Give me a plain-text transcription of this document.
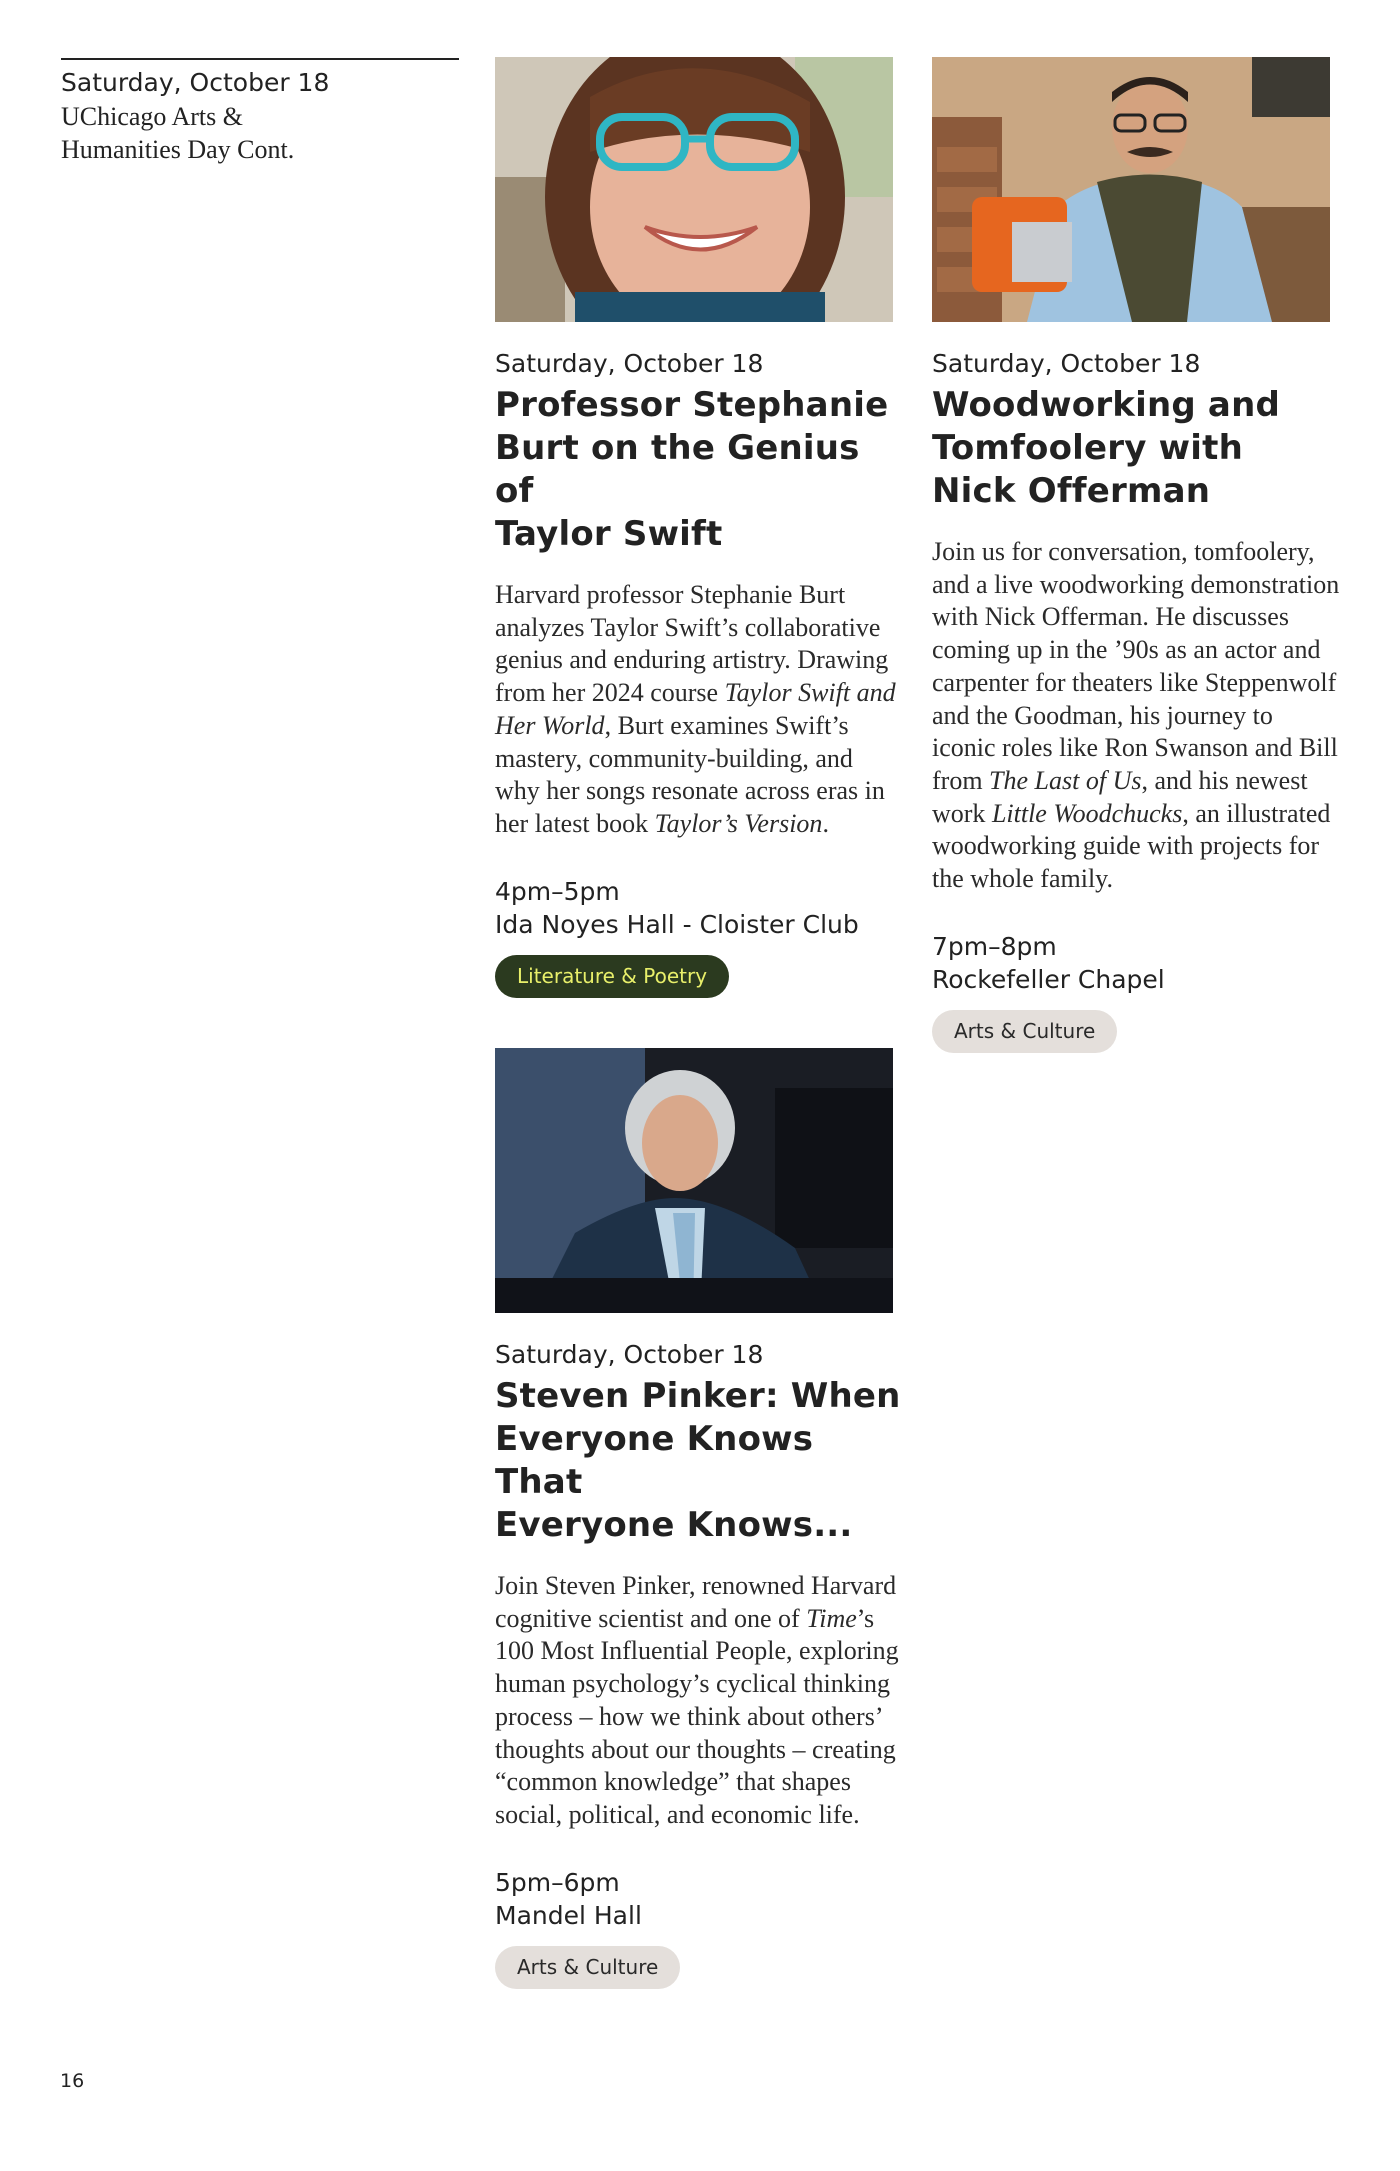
Saturday, October 18
UChicago Arts &
Humanities Day Cont.
Saturday, October 18
Professor Stephanie
Burt on the Genius of
Taylor Swift
Harvard professor Stephanie Burt analyzes Taylor Swift’s collaborative genius and enduring artistry. Drawing from her 2024 course Taylor Swift and Her World, Burt examines Swift’s mastery, community-building, and why her songs resonate across eras in her latest book Taylor’s Version.
4pm–5pm
Ida Noyes Hall - Cloister Club
Literature & Poetry
Saturday, October 18
Woodworking and
Tomfoolery with
Nick Offerman
Join us for conversation, tomfoolery, and a live woodworking demonstration with Nick Offerman. He discusses coming up in the ’90s as an actor and carpenter for theaters like Steppenwolf and the Goodman, his journey to iconic roles like Ron Swanson and Bill from The Last of Us, and his newest work Little Woodchucks, an illustrated woodworking guide with projects for the whole family.
7pm–8pm
Rockefeller Chapel
Arts & Culture
Saturday, October 18
Steven Pinker: When
Everyone Knows That
Everyone Knows...
Join Steven Pinker, renowned Harvard cognitive scientist and one of Time’s 100 Most Influential People, exploring human psychology’s cyclical thinking process – how we think about others’ thoughts about our thoughts – creating “common knowledge” that shapes social, political, and economic life.
5pm–6pm
Mandel Hall
Arts & Culture
16
